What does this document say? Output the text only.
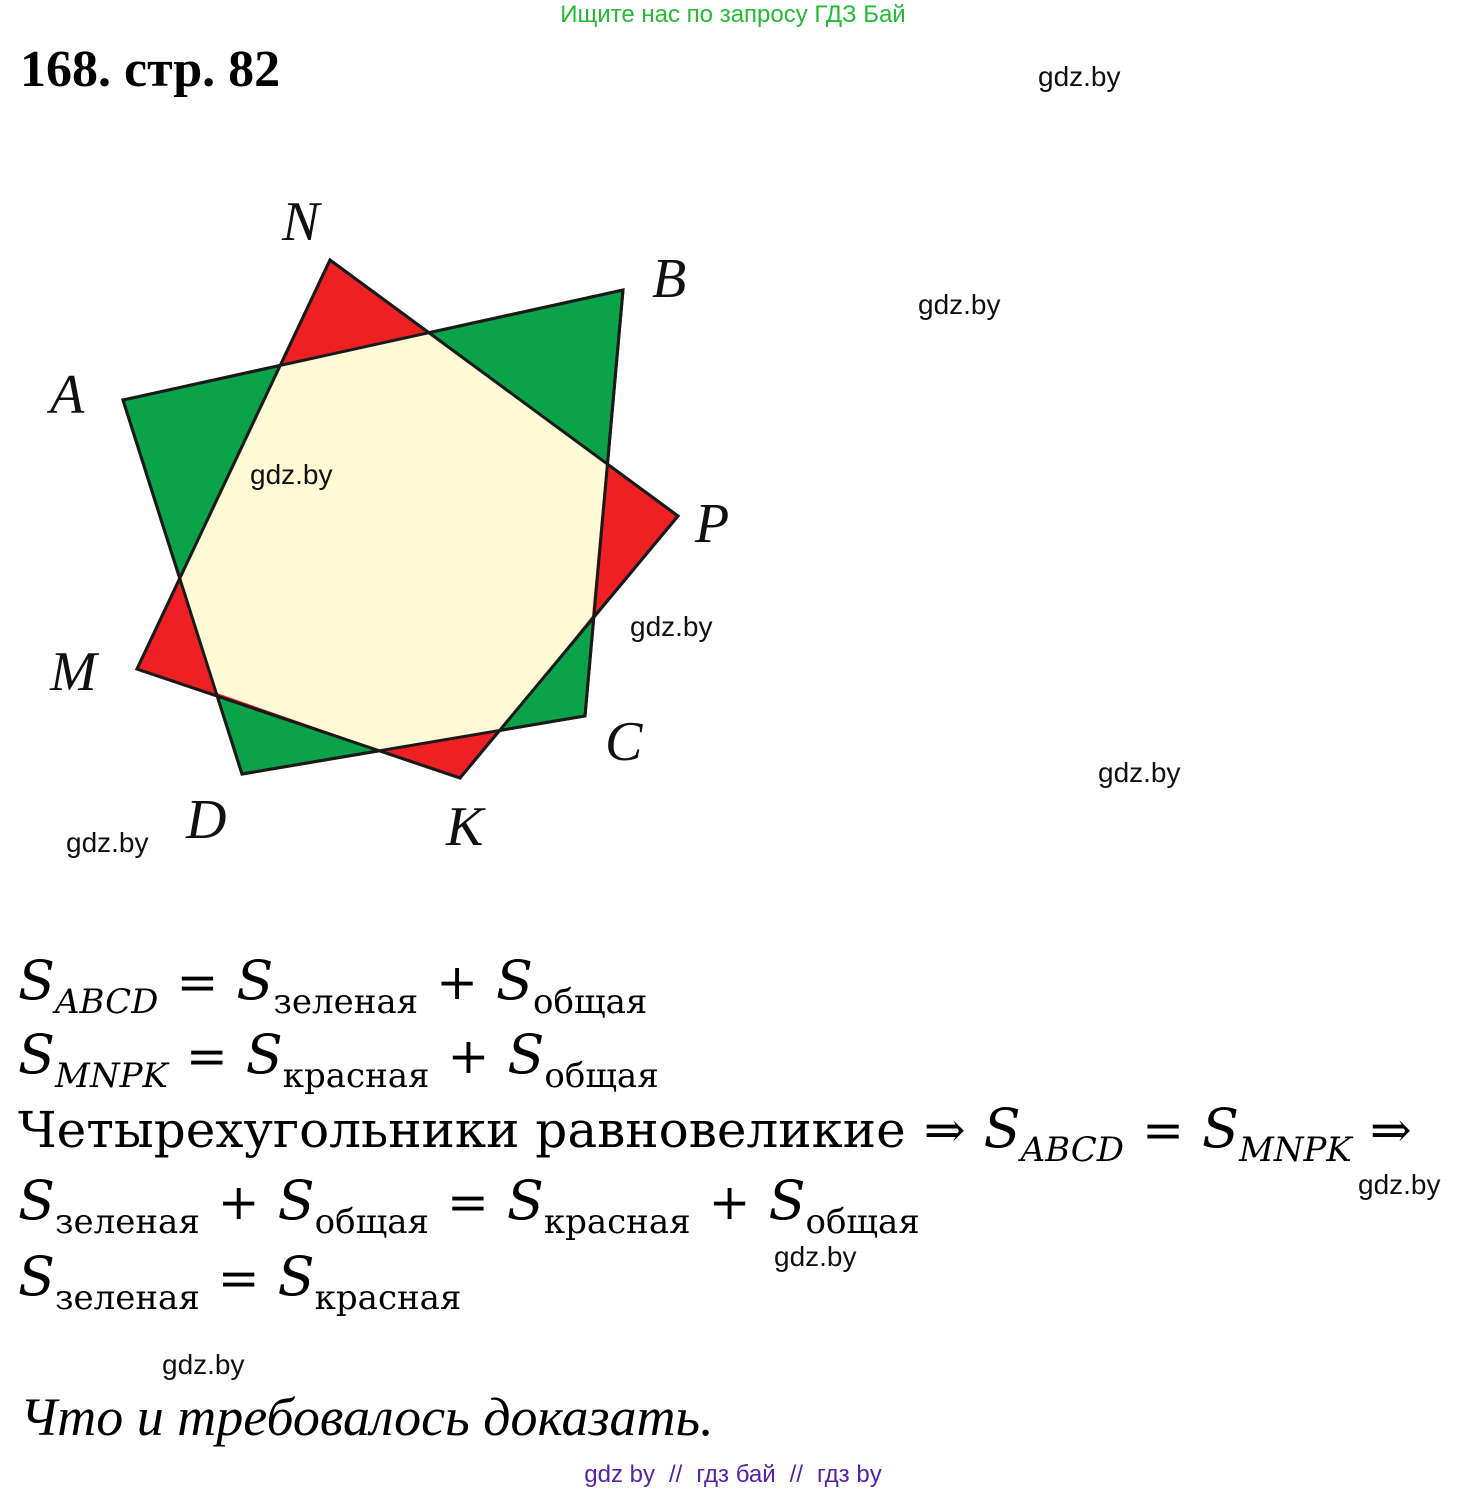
Ищите нас по запросу ГДЗ Бай
168. стр. 82	gdz.by
gdz.by
gdz.by
gdz.by
gdz.by
gdz.by
N
B
A
P
M
C
D	K
gdz.by
gdz.by
gdz.by
$S_{ABCD} = S_{зеленая} + S_{общая}$
$S_{MNPK} = S_{красная} + S_{общая}$
Четырехугольники равновеликие ⇒ $S_{ABCD} = S_{MNPK}$ ⇒
$S_{зеленая} + S_{общая} = S_{красная} + S_{общая}$
$S_{зеленая} = S_{красная}$
Что и требовалось доказать.
gdz by // гдз бай // гдз by
